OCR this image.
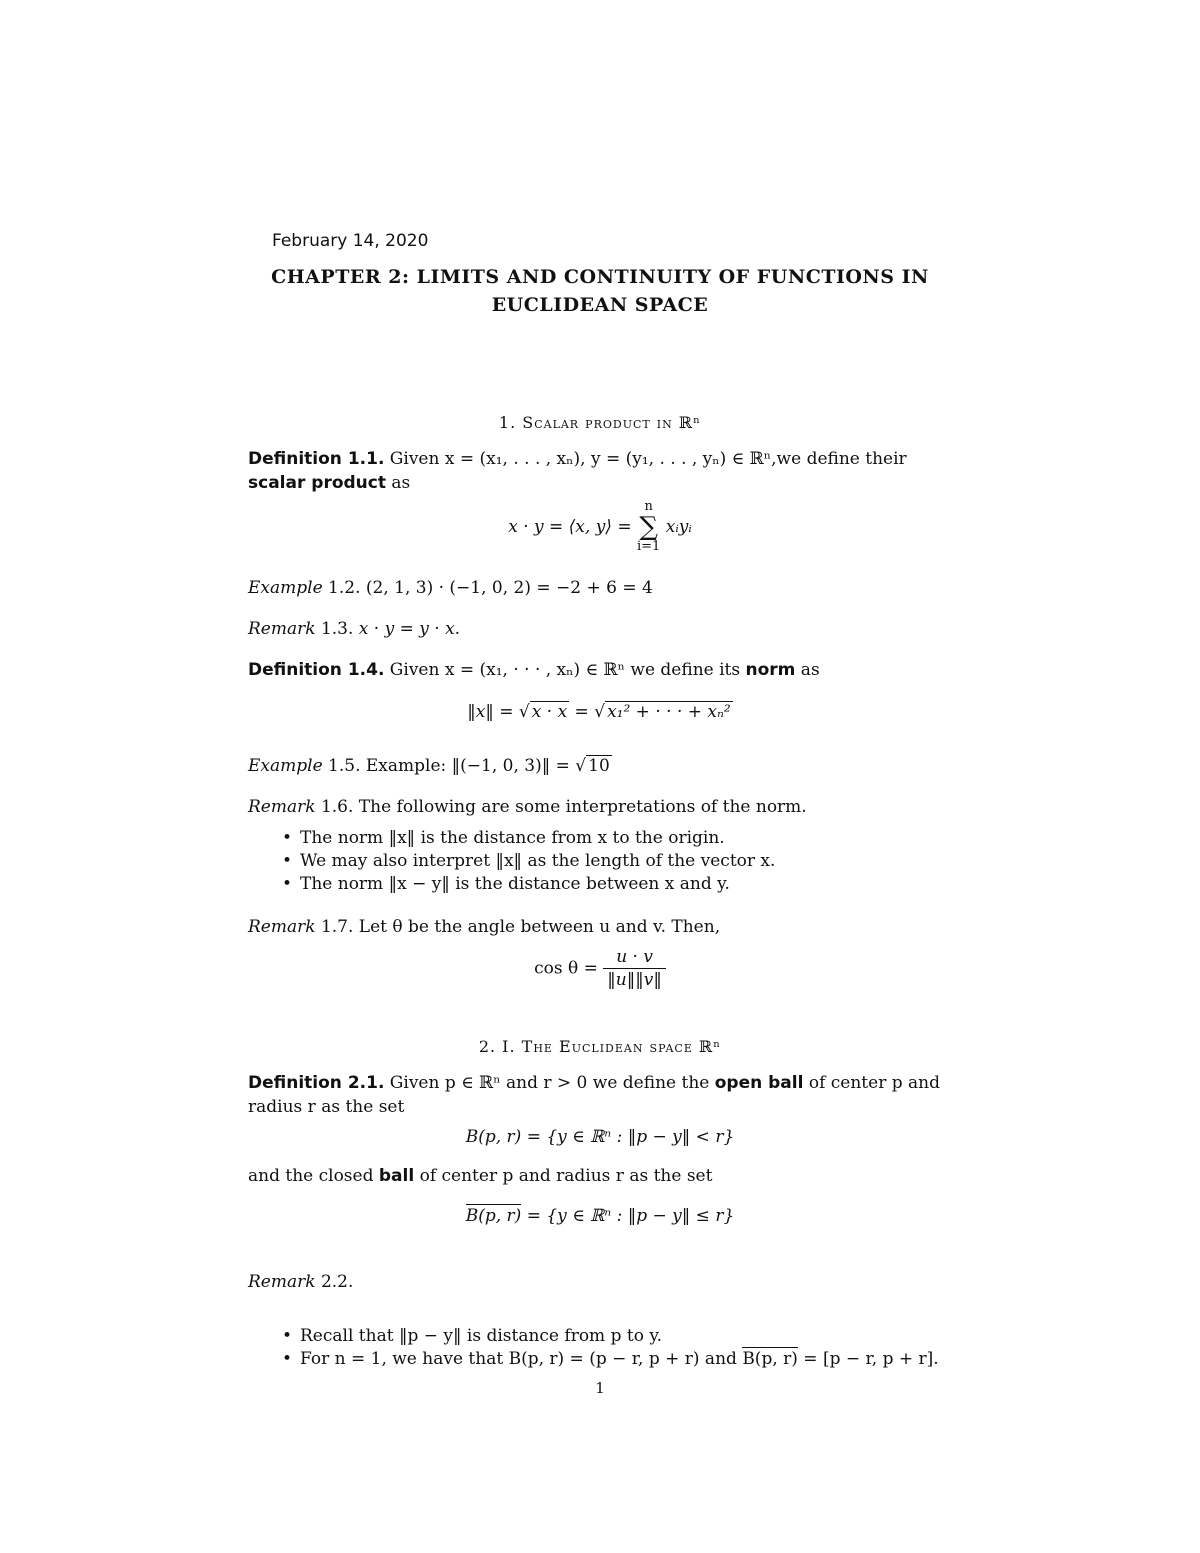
February 14, 2020
CHAPTER 2: LIMITS AND CONTINUITY OF FUNCTIONS IN
EUCLIDEAN SPACE
1. Scalar product in ℝⁿ
Definition 1.1. Given x = (x₁, . . . , xₙ), y = (y₁, . . . , yₙ) ∈ ℝⁿ,we define their
scalar product as
x · y = ⟨x, y⟩ =
n
∑
i=1
xᵢyᵢ
Example 1.2. (2, 1, 3) · (−1, 0, 2) = −2 + 6 = 4
Remark 1.3. x · y = y · x.
Definition 1.4. Given x = (x₁, · · · , xₙ) ∈ ℝⁿ we define its norm as
‖x‖ = √ x · x = √ x₁² + · · · + xₙ²
Example 1.5. Example: ‖(−1, 0, 3)‖ = √ 10
Remark 1.6. The following are some interpretations of the norm.
• The norm ‖x‖ is the distance from x to the origin.
• We may also interpret ‖x‖ as the length of the vector x.
• The norm ‖x − y‖ is the distance between x and y.
Remark 1.7. Let θ be the angle between u and v. Then,
$\cos \theta = \frac{u \cdot v}{‖u‖‖v‖}$
2. I. The Euclidean space ℝⁿ
Definition 2.1. Given p ∈ ℝⁿ and r > 0 we define the open ball of center p and
radius r as the set
B(p, r) = {y ∈ ℝⁿ : ‖p − y‖ < r}
and the closed ball of center p and radius r as the set
B(p, r) = {y ∈ ℝⁿ : ‖p − y‖ ≤ r}
Remark 2.2.
• Recall that ‖p − y‖ is distance from p to y.
• For n = 1, we have that B(p, r) = (p − r, p + r) and B(p, r) = [p − r, p + r].
1
